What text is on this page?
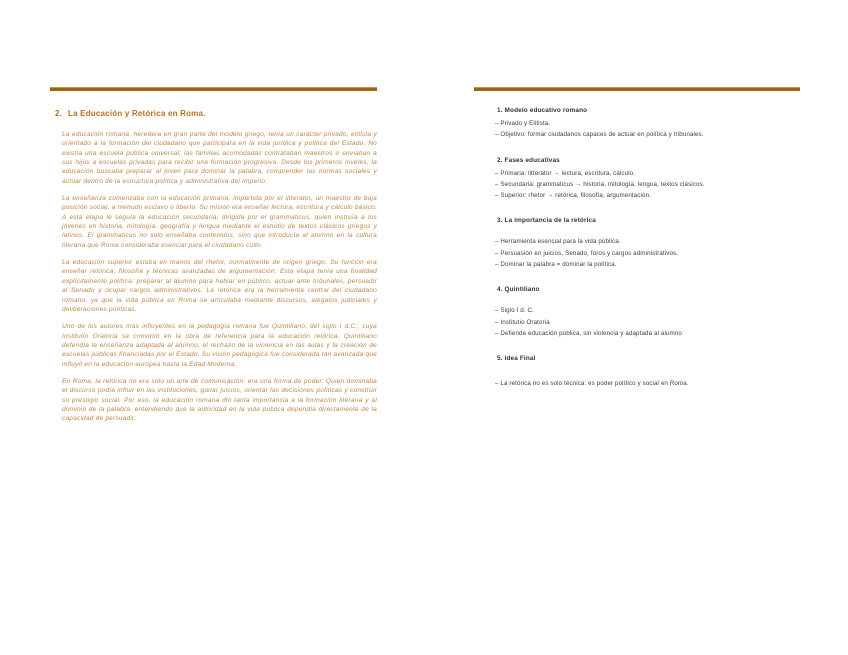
2. La Educación y Retórica en Roma.

La educación romana, heredera en gran parte del modelo griego, tenía un carácter privado, elitista y orientado a la formación del ciudadano que participara en la vida jurídica y política del Estado. No existía una escuela pública universal; las familias acomodadas contrataban maestros o enviaban a sus hijos a escuelas privadas para recibir una formación progresiva. Desde los primeros niveles, la educación buscaba preparar al joven para dominar la palabra, comprender las normas sociales y actuar dentro de la estructura política y administrativa del Imperio.

La enseñanza comenzaba con la educación primaria, impartida por el litterator, un maestro de baja posición social, a menudo esclavo o liberto. Su misión era enseñar lectura, escritura y cálculo básico. A esta etapa le seguía la educación secundaria, dirigida por el grammaticus, quien instruía a los jóvenes en historia, mitología, geografía y lengua mediante el estudio de textos clásicos griegos y latinos. El grammaticus no solo enseñaba contenidos, sino que introducía al alumno en la cultura literaria que Roma consideraba esencial para el ciudadano culto.

La educación superior estaba en manos del rhetor, normalmente de origen griego. Su función era enseñar retórica, filosofía y técnicas avanzadas de argumentación. Esta etapa tenía una finalidad explícitamente política: preparar al alumno para hablar en público, actuar ante tribunales, persuadir al Senado y ocupar cargos administrativos. La retórica era la herramienta central del ciudadano romano, ya que la vida pública en Roma se articulaba mediante discursos, alegatos judiciales y deliberaciones políticas.

Uno de los autores más influyentes en la pedagogía romana fue Quintiliano, del siglo I d.C., cuya Institutio Oratoria se convirtió en la obra de referencia para la educación retórica. Quintiliano defendía la enseñanza adaptada al alumno, el rechazo de la violencia en las aulas y la creación de escuelas públicas financiadas por el Estado. Su visión pedagógica fue considerada tan avanzada que influyó en la educación europea hasta la Edad Moderna.

En Roma, la retórica no era solo un arte de comunicación: era una forma de poder. Quien dominaba el discurso podía influir en las instituciones, ganar juicios, orientar las decisiones políticas y construir su prestigio social. Por eso, la educación romana dio tanta importancia a la formación literaria y al dominio de la palabra, entendiendo que la autoridad en la vida pública dependía directamente de la capacidad de persuadir.

1. Modelo educativo romano
– Privado y Elitista.
– Objetivo: formar ciudadanos capaces de actuar en política y tribunales.
2. Fases educativas
– Primaria: litterator → lectura, escritura, cálculo.
– Secundaria: grammaticus → historia, mitología, lengua, textos clásicos.
– Superior: rhetor → retórica, filosofía, argumentación.
3. La importancia de la retórica
– Herramienta esencial para la vida pública.
– Persuasión en juicios, Senado, foros y cargos administrativos.
– Dominar la palabra = dominar la política.
4. Quintiliano
– Siglo I d. C.
– Institutio Oratoria
– Defiende educación pública, sin violencia y adaptada al alumno
5. Idea Final
– La retórica no es solo técnica: es poder político y social en Roma.
